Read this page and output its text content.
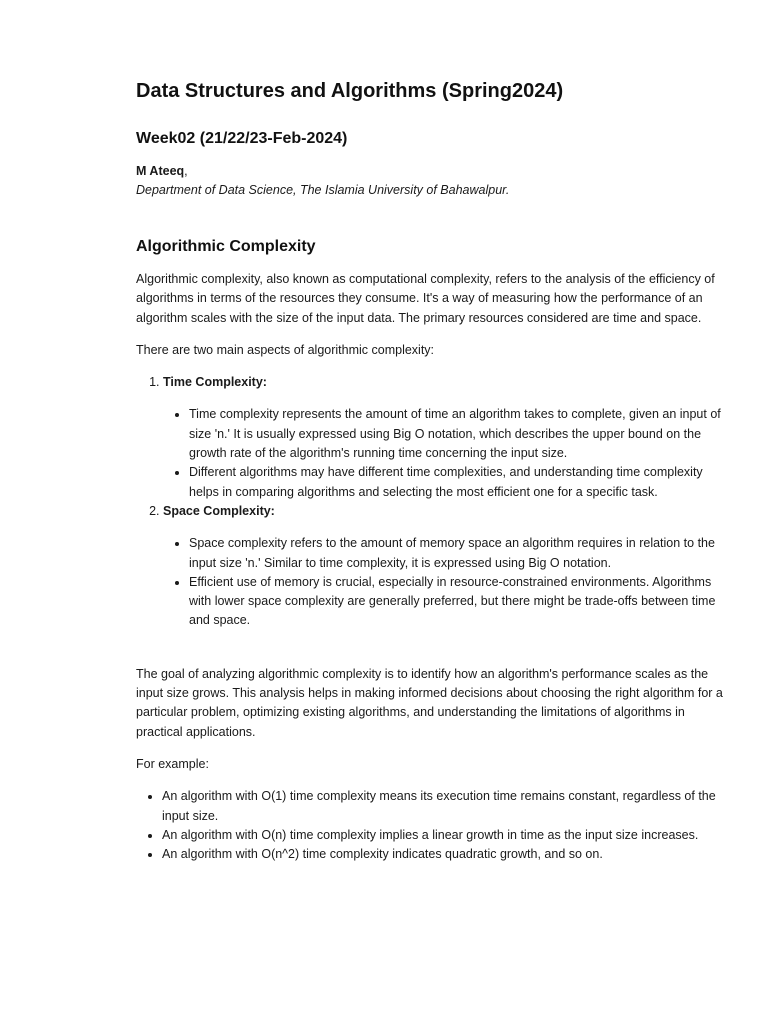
Data Structures and Algorithms (Spring2024)
Week02 (21/22/23-Feb-2024)
M Ateeq,
Department of Data Science, The Islamia University of Bahawalpur.
Algorithmic Complexity

Algorithmic complexity, also known as computational complexity, refers to the analysis of the efficiency of algorithms in terms of the resources they consume. It's a way of measuring how the performance of an algorithm scales with the size of the input data. The primary resources considered are time and space.

There are two main aspects of algorithmic complexity:

1. Time Complexity:
• Time complexity represents the amount of time an algorithm takes to complete, given an input of size 'n.' It is usually expressed using Big O notation, which describes the upper bound on the growth rate of the algorithm's running time concerning the input size.
• Different algorithms may have different time complexities, and understanding time complexity helps in comparing algorithms and selecting the most efficient one for a specific task.
2. Space Complexity:
• Space complexity refers to the amount of memory space an algorithm requires in relation to the input size 'n.' Similar to time complexity, it is expressed using Big O notation.
• Efficient use of memory is crucial, especially in resource-constrained environments. Algorithms with lower space complexity are generally preferred, but there might be trade-offs between time and space.

The goal of analyzing algorithmic complexity is to identify how an algorithm's performance scales as the input size grows. This analysis helps in making informed decisions about choosing the right algorithm for a particular problem, optimizing existing algorithms, and understanding the limitations of algorithms in practical applications.

For example:

• An algorithm with O(1) time complexity means its execution time remains constant, regardless of the input size.
• An algorithm with O(n) time complexity implies a linear growth in time as the input size increases.
• An algorithm with O(n^2) time complexity indicates quadratic growth, and so on.
